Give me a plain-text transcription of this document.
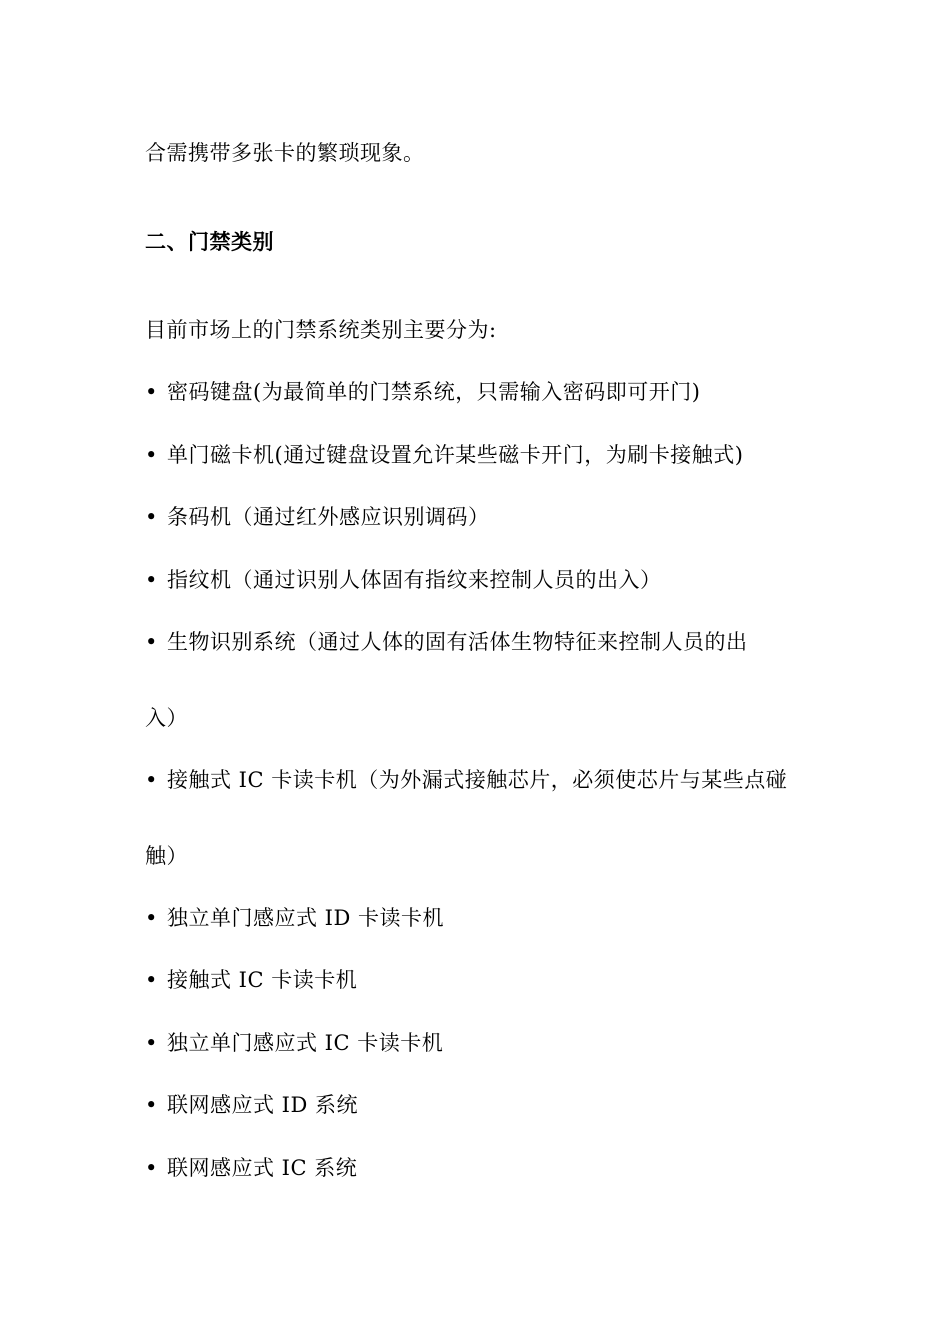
合需携带多张卡的繁琐现象。
二、门禁类别
目前市场上的门禁系统类别主要分为:
• 密码键盘(为最简单的门禁系统，只需输入密码即可开门)
• 单门磁卡机(通过键盘设置允许某些磁卡开门，为刷卡接触式)
• 条码机（通过红外感应识别调码）
• 指纹机（通过识别人体固有指纹来控制人员的出入）
• 生物识别系统（通过人体的固有活体生物特征来控制人员的出
入）
• 接触式 IC 卡读卡机（为外漏式接触芯片，必须使芯片与某些点碰
触）
• 独立单门感应式 ID 卡读卡机
• 接触式 IC 卡读卡机
• 独立单门感应式 IC 卡读卡机
• 联网感应式 ID 系统
• 联网感应式 IC 系统
